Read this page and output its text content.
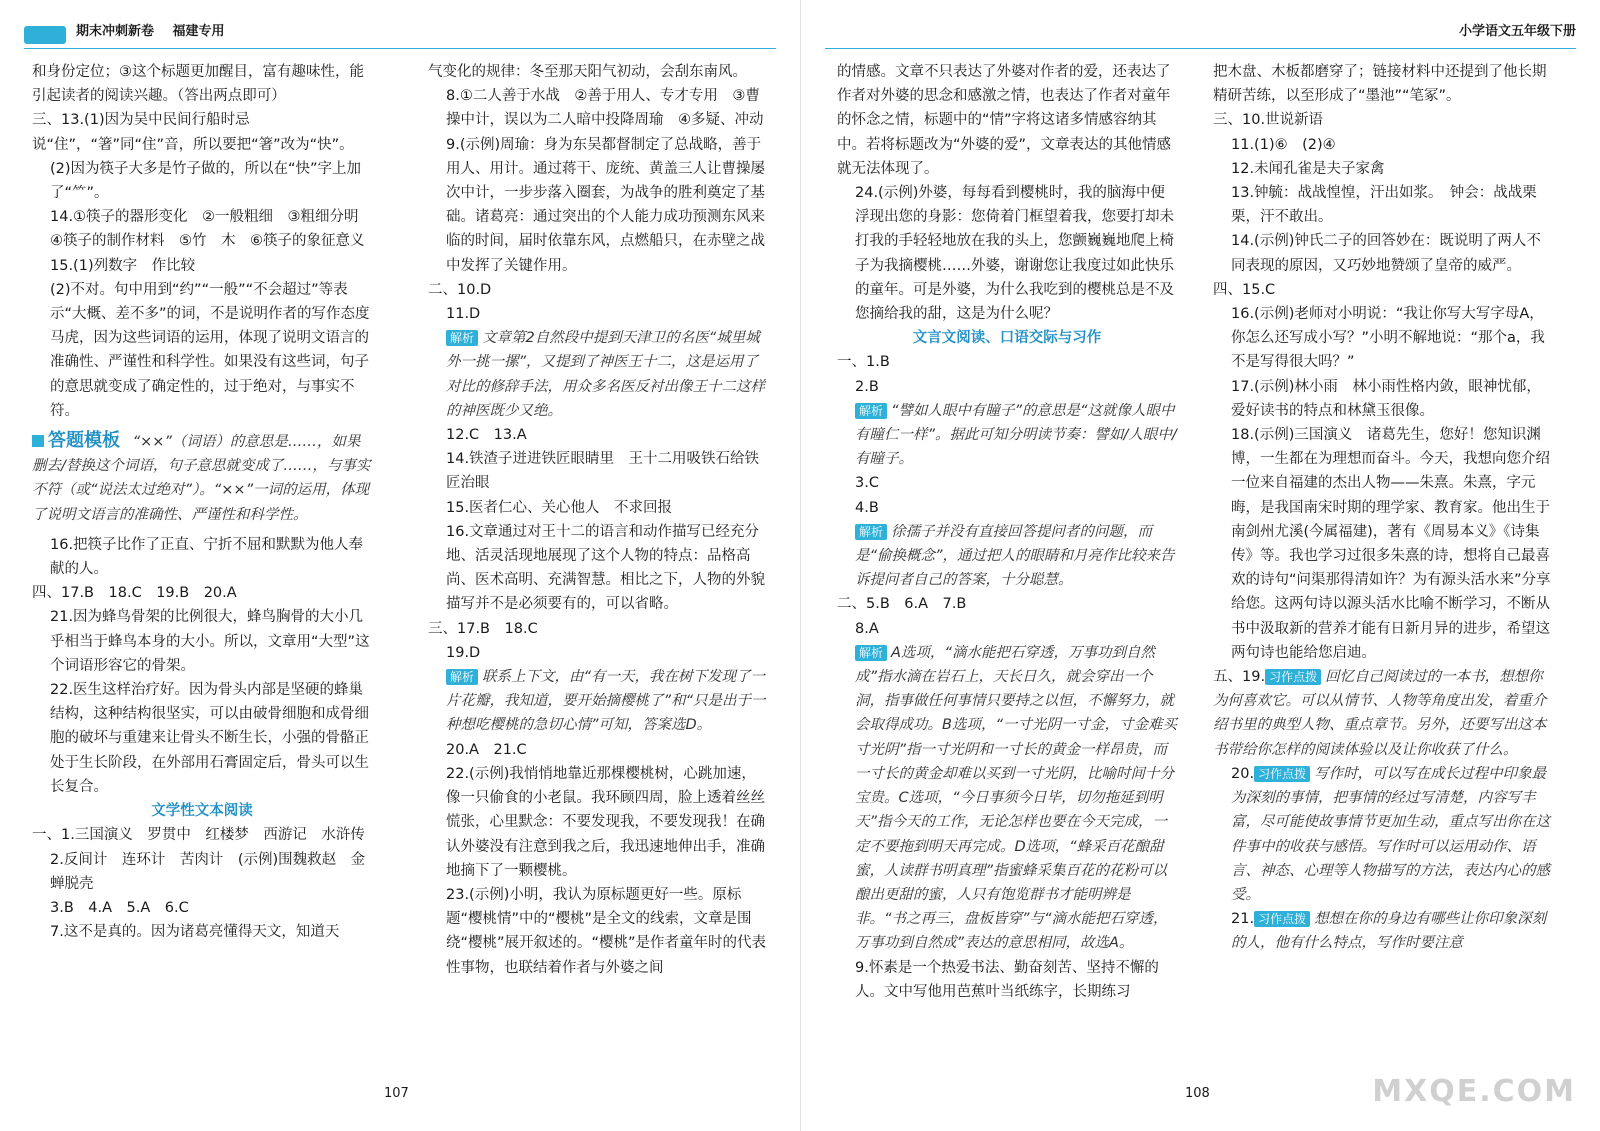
期末冲刺新卷 福建专用

和身份定位；③这个标题更加醒目，富有趣味性，能引起读者的阅读兴趣。（答出两点即可）

三、13.(1)因为吴中民间行船时忌说“住”，“箸”同“住”音，所以要把“箸”改为“快”。

(2)因为筷子大多是竹子做的，所以在“快”字上加了“⺮”。

14.①筷子的器形变化　②一般粗细　③粗细分明　④筷子的制作材料　⑤竹　木　⑥筷子的象征意义

15.(1)列数字　作比较

(2)不对。句中用到“约”“一般”“不会超过”等表示“大概、差不多”的词，不是说明作者的写作态度马虎，因为这些词语的运用，体现了说明文语言的准确性、严谨性和科学性。如果没有这些词，句子的意思就变成了确定性的，过于绝对，与事实不符。

答题模板 “××”（词语）的意思是……，如果删去/替换这个词语，句子意思就变成了……，与事实不符（或“说法太过绝对”）。“××”一词的运用，体现了说明文语言的准确性、严谨性和科学性。

16.把筷子比作了正直、宁折不屈和默默为他人奉献的人。

四、17.B　18.C　19.B　20.A

21.因为蜂鸟骨架的比例很大，蜂鸟胸骨的大小几乎相当于蜂鸟本身的大小。所以，文章用“大型”这个词语形容它的骨架。

22.医生这样治疗好。因为骨头内部是坚硬的蜂巢结构，这种结构很坚实，可以由破骨细胞和成骨细胞的破坏与重建来让骨头不断生长，小强的骨骼正处于生长阶段，在外部用石膏固定后，骨头可以生长复合。

文学性文本阅读

一、1.三国演义　罗贯中　红楼梦　西游记　水浒传

2.反间计　连环计　苦肉计　(示例)围魏救赵　金蝉脱壳

3.B　4.A　5.A　6.C

7.这不是真的。因为诸葛亮懂得天文，知道天

气变化的规律：冬至那天阳气初动，会刮东南风。

8.①二人善于水战　②善于用人、专才专用　③曹操中计，误以为二人暗中投降周瑜　④多疑、冲动

9.(示例)周瑜：身为东吴都督制定了总战略，善于用人、用计。通过蒋干、庞统、黄盖三人让曹操屡次中计，一步步落入圈套，为战争的胜利奠定了基础。诸葛亮：通过突出的个人能力成功预测东风来临的时间，届时依靠东风，点燃船只，在赤壁之战中发挥了关键作用。

二、10.D

11.D

解析 文章第2自然段中提到天津卫的名医“城里城外一挑一摞”，又提到了神医王十二，这是运用了对比的修辞手法，用众多名医反衬出像王十二这样的神医既少又绝。

12.C　13.A

14.铁渣子迸进铁匠眼睛里　王十二用吸铁石给铁匠治眼

15.医者仁心、关心他人　不求回报

16.文章通过对王十二的语言和动作描写已经充分地、活灵活现地展现了这个人物的特点：品格高尚、医术高明、充满智慧。相比之下，人物的外貌描写并不是必须要有的，可以省略。

三、17.B　18.C

19.D

解析 联系上下文，由“有一天，我在树下发现了一片花瓣，我知道，要开始摘樱桃了”和“只是出于一种想吃樱桃的急切心情”可知，答案选D。

20.A　21.C

22.(示例)我悄悄地靠近那棵樱桃树，心跳加速，像一只偷食的小老鼠。我环顾四周，脸上透着丝丝慌张，心里默念：不要发现我，不要发现我！在确认外婆没有注意到我之后，我迅速地伸出手，准确地摘下了一颗樱桃。

23.(示例)小明，我认为原标题更好一些。原标题“樱桃情”中的“樱桃”是全文的线索，文章是围绕“樱桃”展开叙述的。“樱桃”是作者童年时的代表性事物，也联结着作者与外婆之间

107
小学语文五年级下册

的情感。文章不只表达了外婆对作者的爱，还表达了作者对外婆的思念和感激之情，也表达了作者对童年的怀念之情，标题中的“情”字将这诸多情感容纳其中。若将标题改为“外婆的爱”，文章表达的其他情感就无法体现了。

24.(示例)外婆，每每看到樱桃时，我的脑海中便浮现出您的身影：您倚着门框望着我，您要打却未打我的手轻轻地放在我的头上，您颤巍巍地爬上椅子为我摘樱桃……外婆，谢谢您让我度过如此快乐的童年。可是外婆，为什么我吃到的樱桃总是不及您摘给我的甜，这是为什么呢？

文言文阅读、口语交际与习作

一、1.B

2.B

解析 “譬如人眼中有瞳子”的意思是“这就像人眼中有瞳仁一样”。据此可知分明读节奏：譬如/人眼中/有瞳子。

3.C

4.B

解析 徐孺子并没有直接回答提问者的问题，而是“偷换概念”，通过把人的眼睛和月亮作比较来告诉提问者自己的答案，十分聪慧。

二、5.B　6.A　7.B

8.A

解析 A选项，“滴水能把石穿透，万事功到自然成”指水滴在岩石上，天长日久，就会穿出一个洞，指事做任何事情只要持之以恒，不懈努力，就会取得成功。B选项，“一寸光阴一寸金，寸金难买寸光阴”指一寸光阴和一寸长的黄金一样昂贵，而一寸长的黄金却难以买到一寸光阴，比喻时间十分宝贵。C选项，“今日事须今日毕，切勿拖延到明天”指今天的工作，无论怎样也要在今天完成，一定不要拖到明天再完成。D选项，“蜂采百花酿甜蜜，人读群书明真理”指蜜蜂采集百花的花粉可以酿出更甜的蜜，人只有饱览群书才能明辨是非。“书之再三，盘板皆穿”与“滴水能把石穿透，万事功到自然成”表达的意思相同，故选A。

9.怀素是一个热爱书法、勤奋刻苦、坚持不懈的人。文中写他用芭蕉叶当纸练字，长期练习

把木盘、木板都磨穿了；链接材料中还提到了他长期精研苦练，以至形成了“墨池”“笔冢”。

三、10.世说新语

11.(1)⑥　(2)④

12.未闻孔雀是夫子家禽

13.钟毓：战战惶惶，汗出如浆。　钟会：战战栗栗，汗不敢出。

14.(示例)钟氏二子的回答妙在：既说明了两人不同表现的原因，又巧妙地赞颂了皇帝的威严。

四、15.C

16.(示例)老师对小明说：“我让你写大写字母A，你怎么还写成小写？”小明不解地说：“那个a，我不是写得很大吗？”

17.(示例)林小雨　林小雨性格内敛，眼神忧郁，爱好读书的特点和林黛玉很像。

18.(示例)三国演义　诸葛先生，您好！您知识渊博，一生都在为理想而奋斗。今天，我想向您介绍一位来自福建的杰出人物——朱熹。朱熹，字元晦，是我国南宋时期的理学家、教育家。他出生于南剑州尤溪(今属福建)，著有《周易本义》《诗集传》等。我也学习过很多朱熹的诗，想将自己最喜欢的诗句“问渠那得清如许？为有源头活水来”分享给您。这两句诗以源头活水比喻不断学习，不断从书中汲取新的营养才能有日新月异的进步，希望这两句诗也能给您启迪。

五、19. 习作点拨 回忆自己阅读过的一本书，想想你为何喜欢它。可以从情节、人物等角度出发，着重介绍书里的典型人物、重点章节。另外，还要写出这本书带给你怎样的阅读体验以及让你收获了什么。

20. 习作点拨 写作时，可以写在成长过程中印象最为深刻的事情，把事情的经过写清楚，内容写丰富，尽可能使故事情节更加生动，重点写出你在这件事中的收获与感悟。写作时可以运用动作、语言、神态、心理等人物描写的方法，表达内心的感受。

21. 习作点拨 想想在你的身边有哪些让你印象深刻的人，他有什么特点，写作时要注意

108	MXQE.COM
